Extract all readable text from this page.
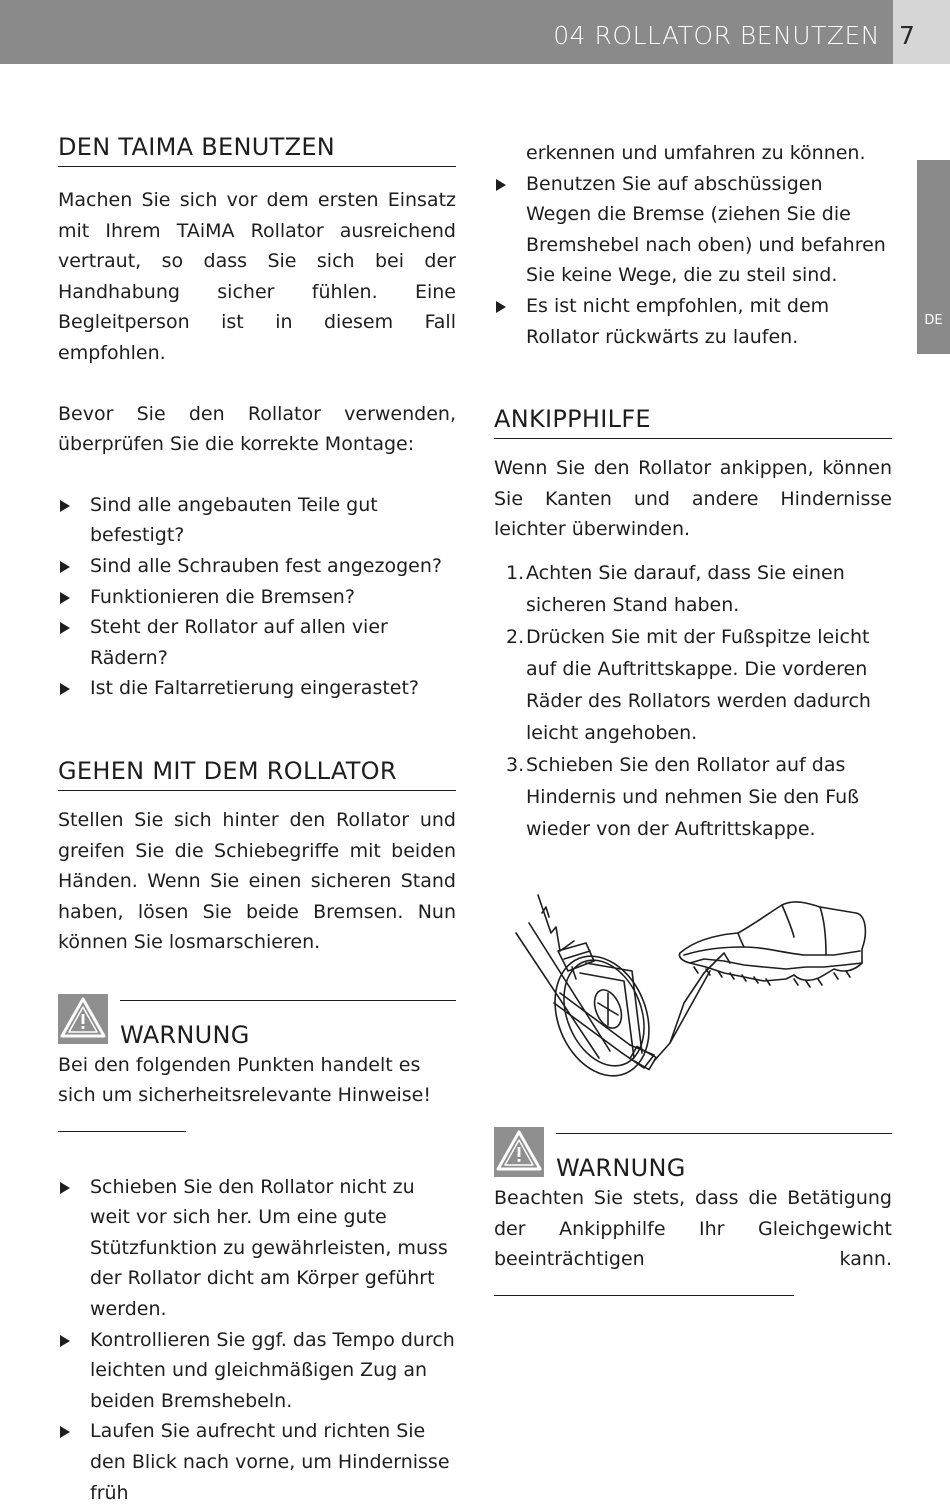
04 ROLLATOR BENUTZEN 7
DE
DEN TAIMA BENUTZEN

Machen Sie sich vor dem ersten Einsatz mit Ihrem TAiMA Rollator ausreichend vertraut, so dass Sie sich bei der Handhabung sicher fühlen. Eine Begleitperson ist in diesem Fall empfohlen.

Bevor Sie den Rollator verwenden, überprüfen Sie die korrekte Montage:

Sind alle angebauten Teile gut befestigt?
Sind alle Schrauben fest angezogen?
Funktionieren die Bremsen?
Steht der Rollator auf allen vier Rädern?
Ist die Faltarretierung eingerastet?
GEHEN MIT DEM ROLLATOR

Stellen Sie sich hinter den Rollator und greifen Sie die Schiebegriffe mit beiden Händen. Wenn Sie einen sicheren Stand haben, lösen Sie beide Bremsen. Nun können Sie losmarschieren.

WARNUNG

Bei den folgenden Punkten handelt es sich um sicherheitsrelevante Hinweise!

Schieben Sie den Rollator nicht zu weit vor sich her. Um eine gute Stützfunktion zu gewährleisten, muss der Rollator dicht am Körper geführt werden.
Kontrollieren Sie ggf. das Tempo durch leichten und gleichmäßigen Zug an beiden Bremshebeln.
Laufen Sie aufrecht und richten Sie den Blick nach vorne, um Hindernisse früh

erkennen und umfahren zu können.

Benutzen Sie auf abschüssigen Wegen die Bremse (ziehen Sie die Bremshebel nach oben) und befahren Sie keine Wege, die zu steil sind.
Es ist nicht empfohlen, mit dem Rollator rückwärts zu laufen.
ANKIPPHILFE

Wenn Sie den Rollator ankippen, können Sie Kanten und andere Hindernisse leichter überwinden.

1. Achten Sie darauf, dass Sie einen sicheren Stand haben.
2. Drücken Sie mit der Fußspitze leicht auf die Auftrittskappe. Die vorderen Räder des Rollators werden dadurch leicht angehoben.
3. Schieben Sie den Rollator auf das Hindernis und nehmen Sie den Fuß wieder von der Auftrittskappe.
WARNUNG

Beachten Sie stets, dass die Betätigung der Ankipphilfe Ihr Gleichgewicht beeinträchtigen kann.
